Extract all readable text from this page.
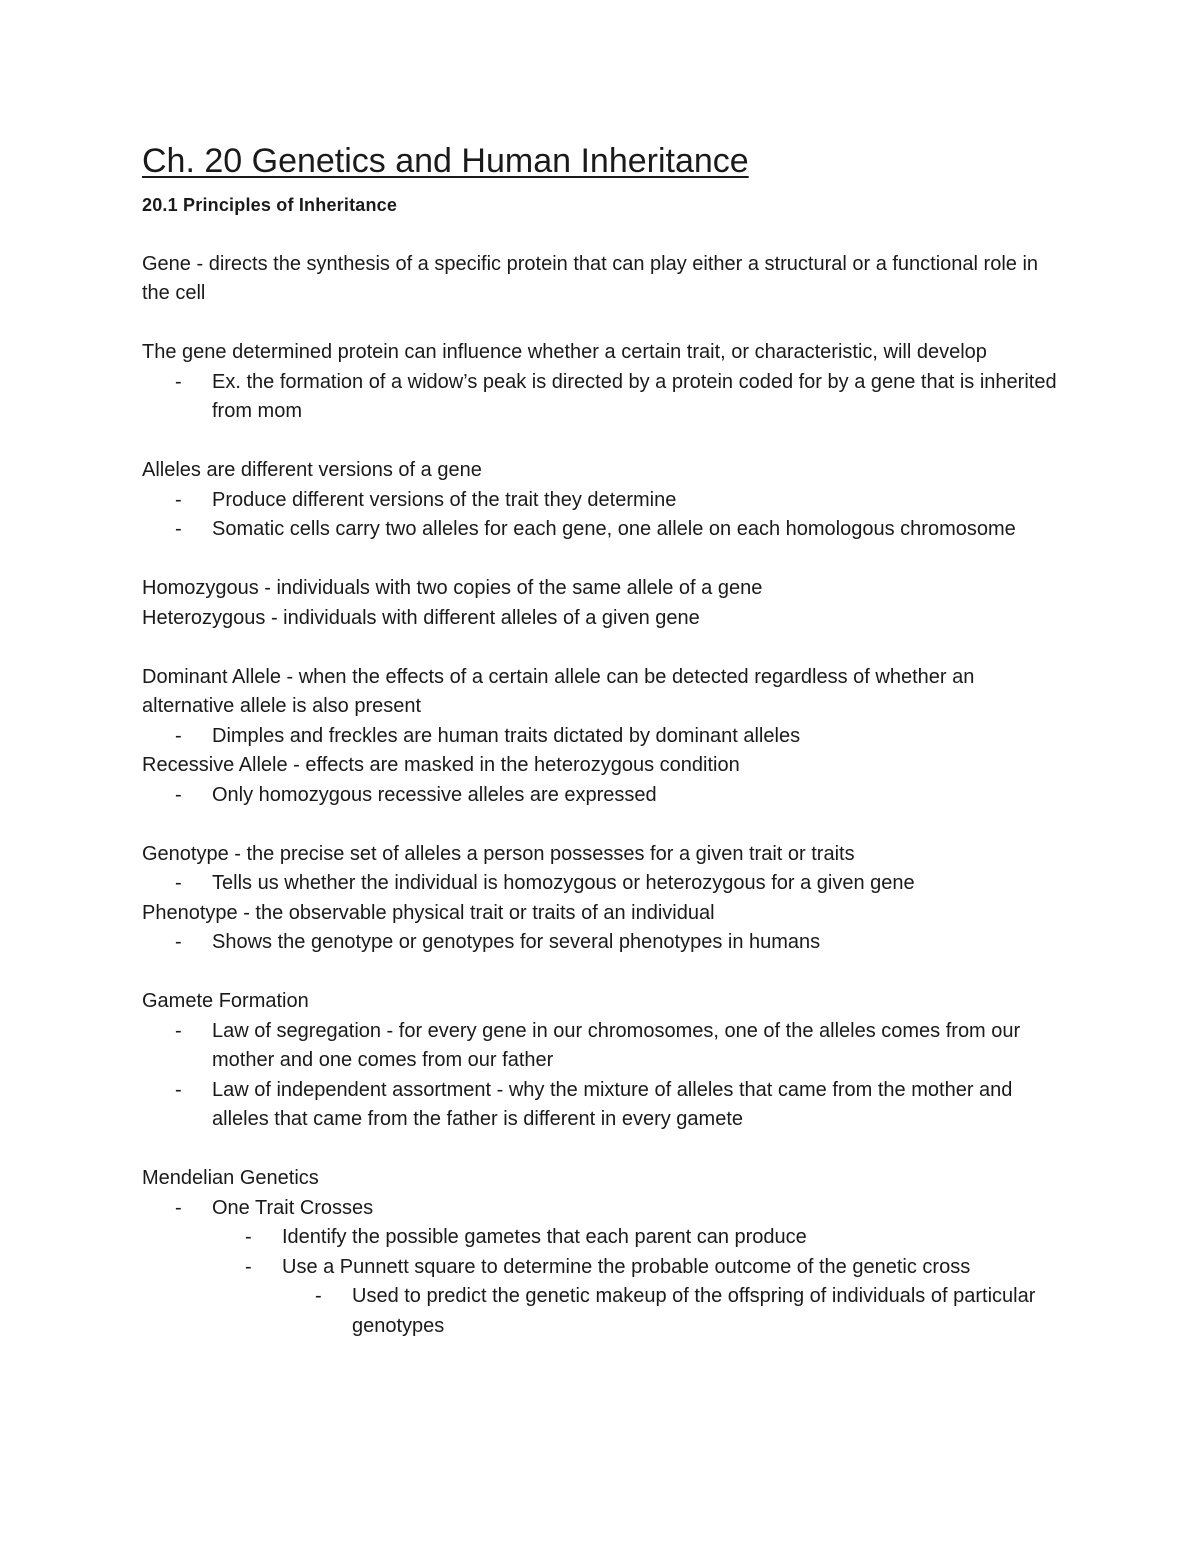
Ch. 20 Genetics and Human Inheritance
20.1 Principles of Inheritance

Gene - directs the synthesis of a specific protein that can play either a structural or a functional role in the cell

The gene determined protein can influence whether a certain trait, or characteristic, will develop

- Ex. the formation of a widow’s peak is directed by a protein coded for by a gene that is inherited from mom

Alleles are different versions of a gene

- Produce different versions of the trait they determine
- Somatic cells carry two alleles for each gene, one allele on each homologous chromosome

Homozygous - individuals with two copies of the same allele of a gene

Heterozygous - individuals with different alleles of a given gene

Dominant Allele - when the effects of a certain allele can be detected regardless of whether an alternative allele is also present

- Dimples and freckles are human traits dictated by dominant alleles

Recessive Allele - effects are masked in the heterozygous condition

- Only homozygous recessive alleles are expressed

Genotype - the precise set of alleles a person possesses for a given trait or traits

- Tells us whether the individual is homozygous or heterozygous for a given gene

Phenotype - the observable physical trait or traits of an individual

- Shows the genotype or genotypes for several phenotypes in humans

Gamete Formation

- Law of segregation - for every gene in our chromosomes, one of the alleles comes from our mother and one comes from our father
- Law of independent assortment - why the mixture of alleles that came from the mother and alleles that came from the father is different in every gamete

Mendelian Genetics

- One Trait Crosses
- Identify the possible gametes that each parent can produce
- Use a Punnett square to determine the probable outcome of the genetic cross
- Used to predict the genetic makeup of the offspring of individuals of particular genotypes
